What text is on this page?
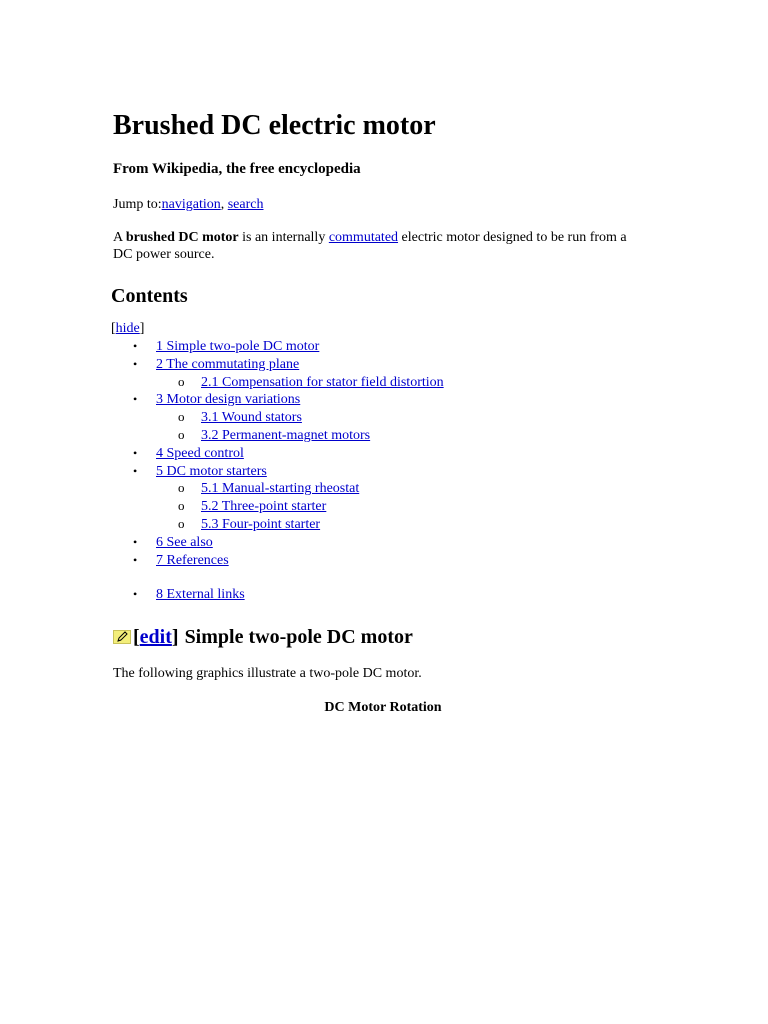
Brushed DC electric motor
From Wikipedia, the free encyclopedia
Jump to:navigation, search
A brushed DC motor is an internally commutated electric motor designed to be run from a DC power source.
Contents
[hide]
• 1 Simple two-pole DC motor
• 2 The commutating plane
o 2.1 Compensation for stator field distortion
• 3 Motor design variations
o 3.1 Wound stators
o 3.2 Permanent-magnet motors
• 4 Speed control
• 5 DC motor starters
o 5.1 Manual-starting rheostat
o 5.2 Three-point starter
o 5.3 Four-point starter
• 6 See also
• 7 References
• 8 External links
[ edit ] Simple two-pole DC motor
The following graphics illustrate a two-pole DC motor.
DC Motor Rotation
